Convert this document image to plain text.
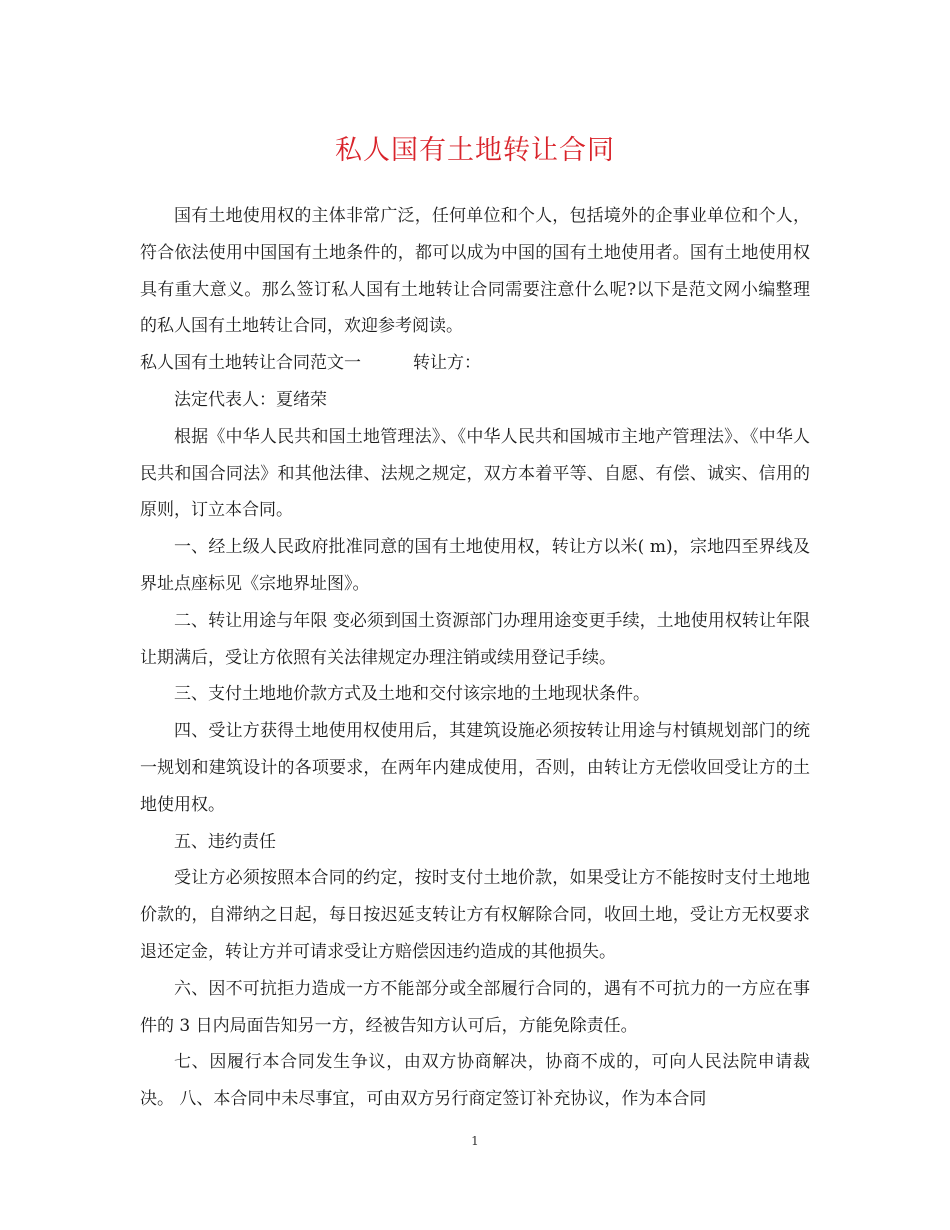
私人国有土地转让合同

国有土地使用权的主体非常广泛，任何单位和个人，包括境外的企事业单位和个人，符合依法使用中国国有土地条件的，都可以成为中国的国有土地使用者。国有土地使用权具有重大意义。那么签订私人国有土地转让合同需要注意什么呢?以下是范文网小编整理的私人国有土地转让合同，欢迎参考阅读。

私人国有土地转让合同范文一	转让方：

法定代表人：夏绪荣

根据《中华人民共和国土地管理法》、《中华人民共和国城市主地产管理法》、《中华人民共和国合同法》和其他法律、法规之规定，双方本着平等、自愿、有偿、诚实、信用的原则，订立本合同。

一、经上级人民政府批准同意的国有土地使用权，转让方以米( m)，宗地四至界线及界址点座标见《宗地界址图》。

二、转让用途与年限 变必须到国土资源部门办理用途变更手续，土地使用权转让年限让期满后，受让方依照有关法律规定办理注销或续用登记手续。

三、支付土地地价款方式及土地和交付该宗地的土地现状条件。

四、受让方获得土地使用权使用后，其建筑设施必须按转让用途与村镇规划部门的统一规划和建筑设计的各项要求，在两年内建成使用，否则，由转让方无偿收回受让方的土地使用权。

五、违约责任

受让方必须按照本合同的约定，按时支付土地价款，如果受让方不能按时支付土地地价款的，自滞纳之日起，每日按迟延支转让方有权解除合同，收回土地，受让方无权要求退还定金，转让方并可请求受让方赔偿因违约造成的其他损失。

六、因不可抗拒力造成一方不能部分或全部履行合同的，遇有不可抗力的一方应在事件的 3 日内局面告知另一方，经被告知方认可后，方能免除责任。

七、因履行本合同发生争议，由双方协商解决，协商不成的，可向人民法院申请裁决。 八、本合同中未尽事宜，可由双方另行商定签订补充协议，作为本合同

1
